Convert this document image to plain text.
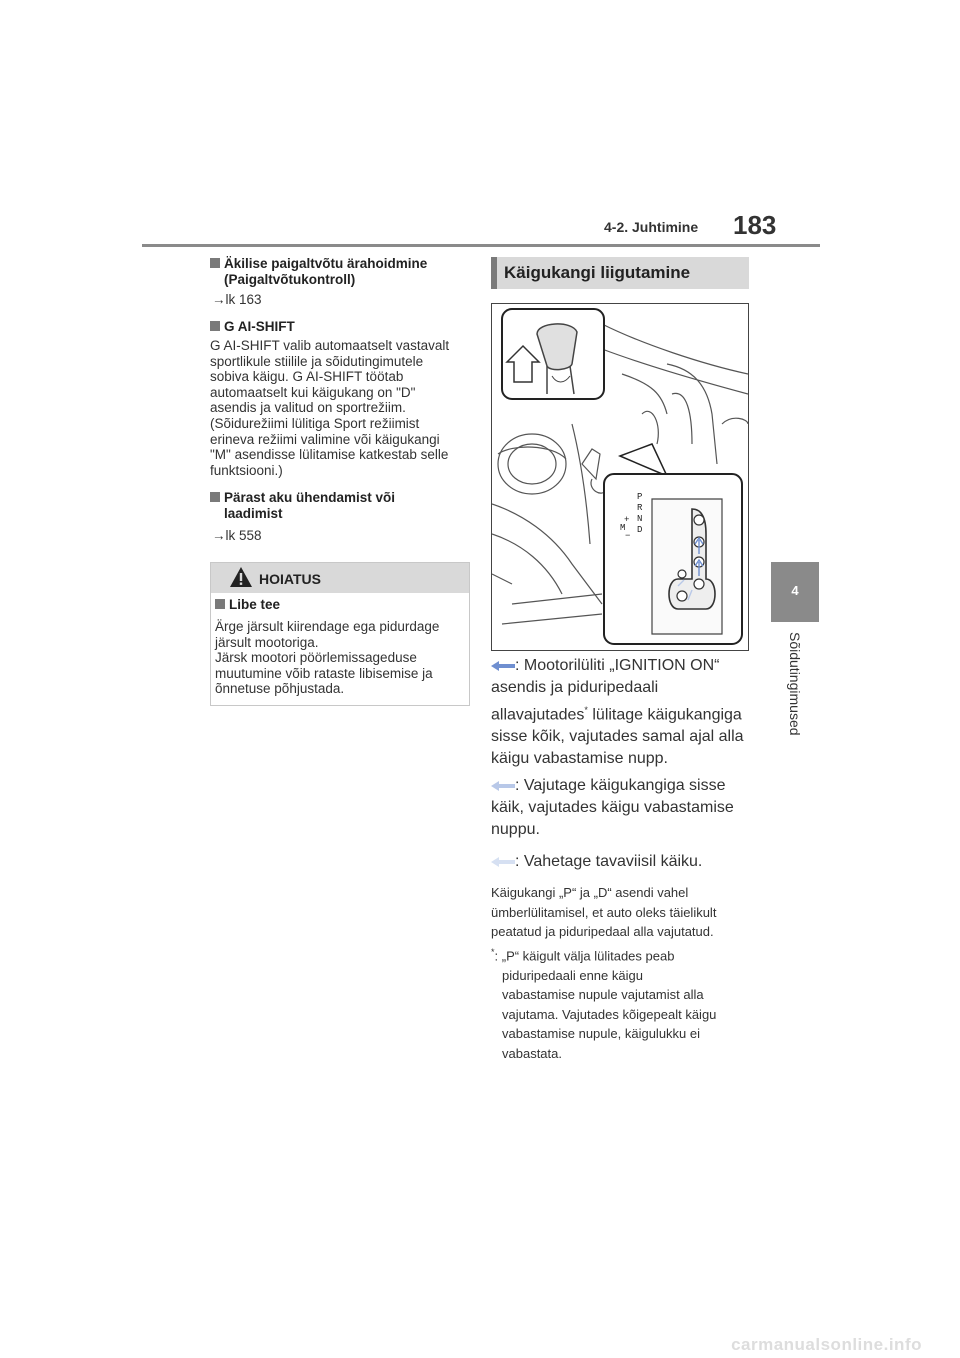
4-2. Juhtimine 183
4
Sõidutingimused
Äkilise paigaltvõtu ärahoidmine
(Paigaltvõtukontroll)
→lk 163
G AI-SHIFT
G AI-SHIFT valib automaatselt vastavalt
sportlikule stiilile ja sõidutingimutele
sobiva käigu. G AI-SHIFT töötab
automaatselt kui käigukang on "D"
asendis ja valitud on sportrežiim.
(Sõidurežiimi lülitiga Sport režiimist
erineva režiimi valimine või käigukangi
"M" asendisse lülitamise katkestab selle
funktsiooni.)
Pärast aku ühendamist või
laadimist
→lk 558
HOIATUS
Libe tee
Ärge järsult kiirendage ega pidurdage
järsult mootoriga.
Järsk mootori pöörlemissageduse
muutumine võib rataste libisemise ja
õnnetuse põhjustada.
Käigukangi liigutamine
P
R
N
D
+
M
−
: Mootorilüliti „IGNITION ON“
asendis ja piduripedaali
allavajutades* lülitage käigukangiga
sisse kõik, vajutades samal ajal alla
käigu vabastamise nupp.
: Vajutage käigukangiga sisse
käik, vajutades käigu vabastamise
nuppu.
: Vahetage tavaviisil käiku.
Käigukangi „P“ ja „D“ asendi vahel
ümberlülitamisel, et auto oleks täielikult
peatatud ja piduripedaal alla vajutatud.
*: „P“ käigult välja lülitades peab
piduripedaali enne käigu
vabastamise nupule vajutamist alla
vajutama. Vajutades kõigepealt käigu
vabastamise nupule, käigulukku ei
vabastata.
carmanualsonline.info
